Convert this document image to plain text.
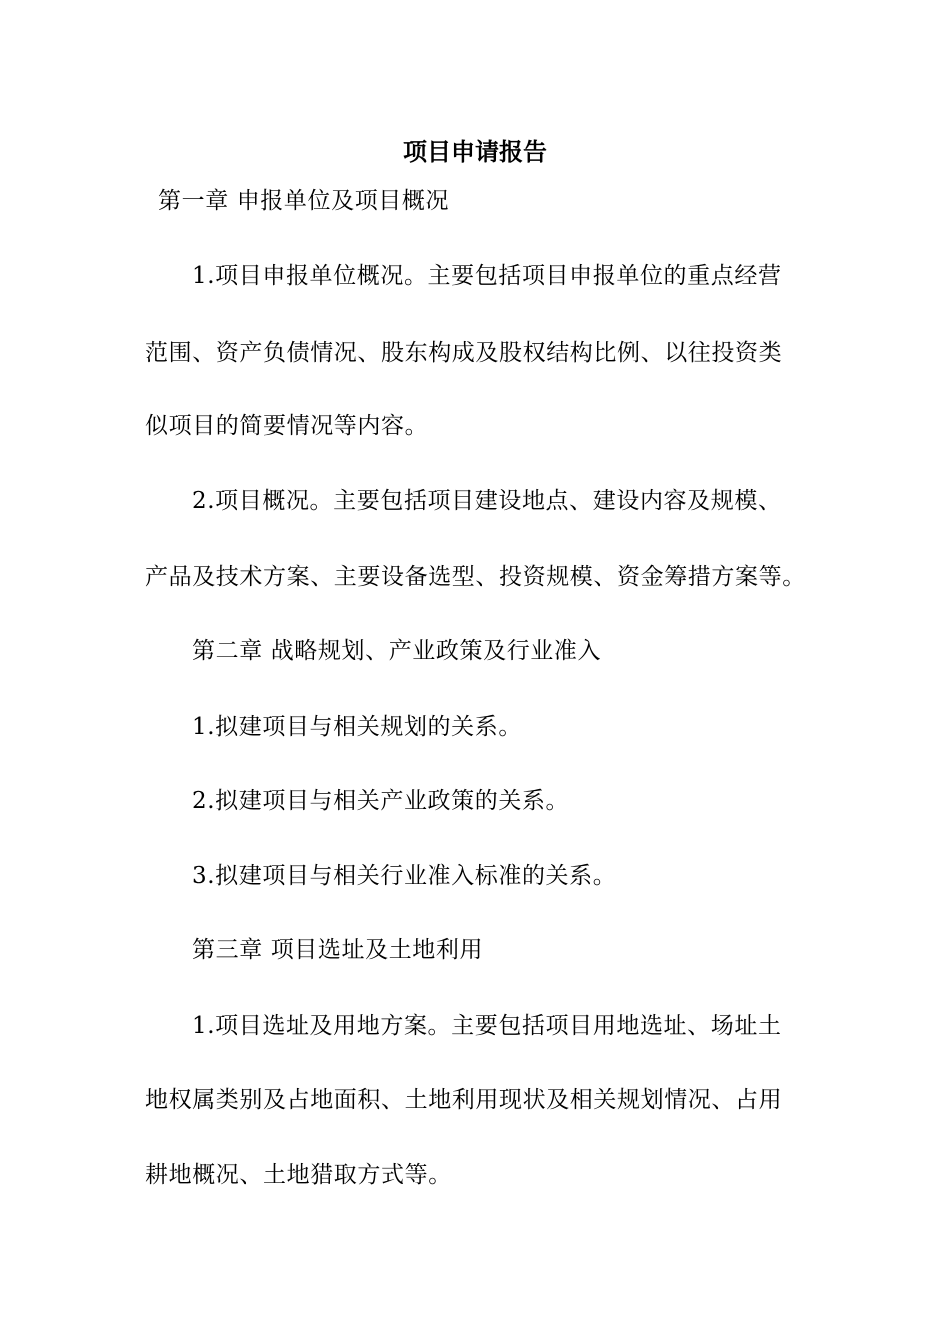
项目申请报告
第一章 申报单位及项目概况
1.项目申报单位概况。主要包括项目申报单位的重点经营
范围、资产负债情况、股东构成及股权结构比例、以往投资类
似项目的简要情况等内容。
2.项目概况。主要包括项目建设地点、建设内容及规模、
产品及技术方案、主要设备选型、投资规模、资金筹措方案等。
第二章 战略规划、产业政策及行业准入
1.拟建项目与相关规划的关系。
2.拟建项目与相关产业政策的关系。
3.拟建项目与相关行业准入标准的关系。
第三章 项目选址及土地利用
1.项目选址及用地方案。主要包括项目用地选址、场址土
地权属类别及占地面积、土地利用现状及相关规划情况、占用
耕地概况、土地猎取方式等。
